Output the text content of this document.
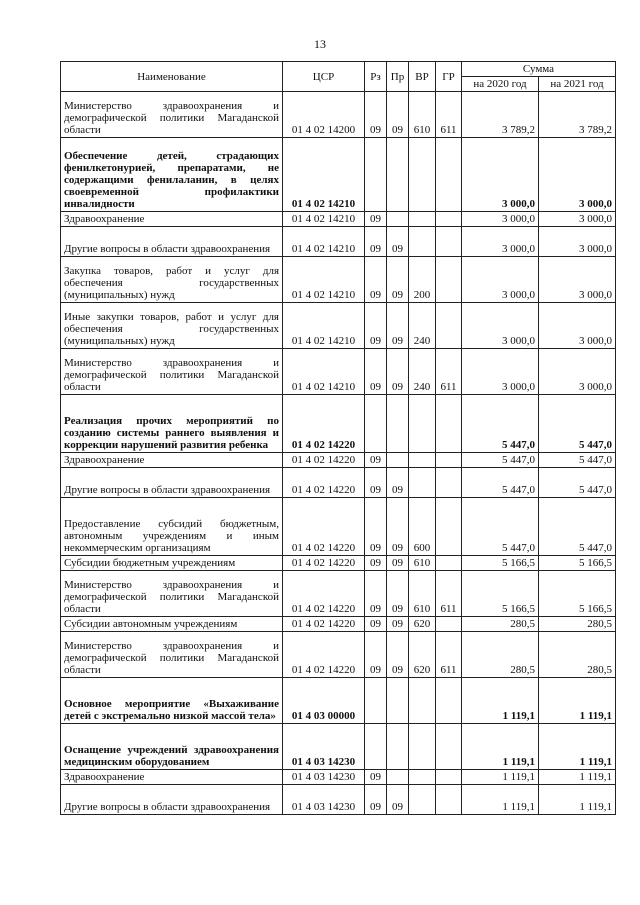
13
Наименование	ЦСР	Рз	Пр	ВР	ГР	Сумма	
						на 2020 год	на 2021 год
Министерство здравоохранения и демографической политики Магаданской области	01 4 02 14200	09	09	610	611	3 789,2	3 789,2
Обеспечение детей, страдающих фенилкетонурией, препаратами, не содержащими фенилаланин, в целях своевременной профилактики инвалидности	01 4 02 14210					3 000,0	3 000,0
Здравоохранение	01 4 02 14210	09				3 000,0	3 000,0
Другие вопросы в области здравоохранения	01 4 02 14210	09	09			3 000,0	3 000,0
Закупка товаров, работ и услуг для обеспечения государственных (муниципальных) нужд	01 4 02 14210	09	09	200		3 000,0	3 000,0
Иные закупки товаров, работ и услуг для обеспечения государственных (муниципальных) нужд	01 4 02 14210	09	09	240		3 000,0	3 000,0
Министерство здравоохранения и демографической политики Магаданской области	01 4 02 14210	09	09	240	611	3 000,0	3 000,0
Реализация прочих мероприятий по созданию системы раннего выявления и коррекции нарушений развития ребенка	01 4 02 14220					5 447,0	5 447,0
Здравоохранение	01 4 02 14220	09				5 447,0	5 447,0
Другие вопросы в области здравоохранения	01 4 02 14220	09	09			5 447,0	5 447,0
Предоставление субсидий бюджетным, автономным учреждениям и иным некоммерческим организациям	01 4 02 14220	09	09	600		5 447,0	5 447,0
Субсидии бюджетным учреждениям	01 4 02 14220	09	09	610		5 166,5	5 166,5
Министерство здравоохранения и демографической политики Магаданской области	01 4 02 14220	09	09	610	611	5 166,5	5 166,5
Субсидии автономным учреждениям	01 4 02 14220	09	09	620		280,5	280,5
Министерство здравоохранения и демографической политики Магаданской области	01 4 02 14220	09	09	620	611	280,5	280,5
Основное мероприятие «Выхаживание детей с экстремально низкой массой тела»	01 4 03 00000					1 119,1	1 119,1
Оснащение учреждений здравоохранения медицинским оборудованием	01 4 03 14230					1 119,1	1 119,1
Здравоохранение	01 4 03 14230	09				1 119,1	1 119,1
Другие вопросы в области здравоохранения	01 4 03 14230	09	09			1 119,1	1 119,1
